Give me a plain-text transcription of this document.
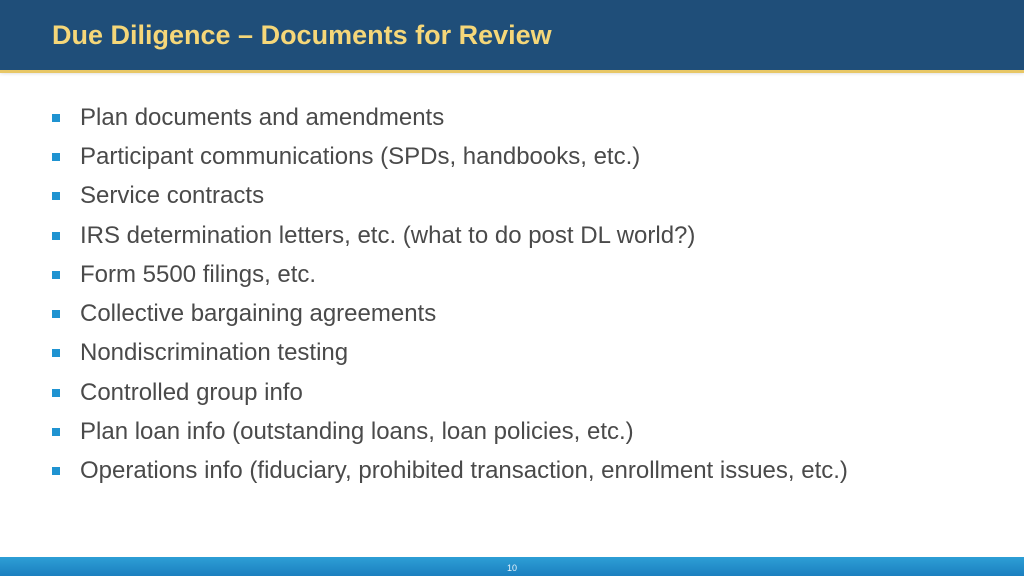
Due Diligence – Documents for Review
Plan documents and amendments
Participant communications (SPDs, handbooks, etc.)
Service contracts
IRS determination letters, etc. (what to do post DL world?)
Form 5500 filings, etc.
Collective bargaining agreements
Nondiscrimination testing
Controlled group info
Plan loan info (outstanding loans, loan policies, etc.)
Operations info (fiduciary, prohibited transaction, enrollment issues, etc.)
10
